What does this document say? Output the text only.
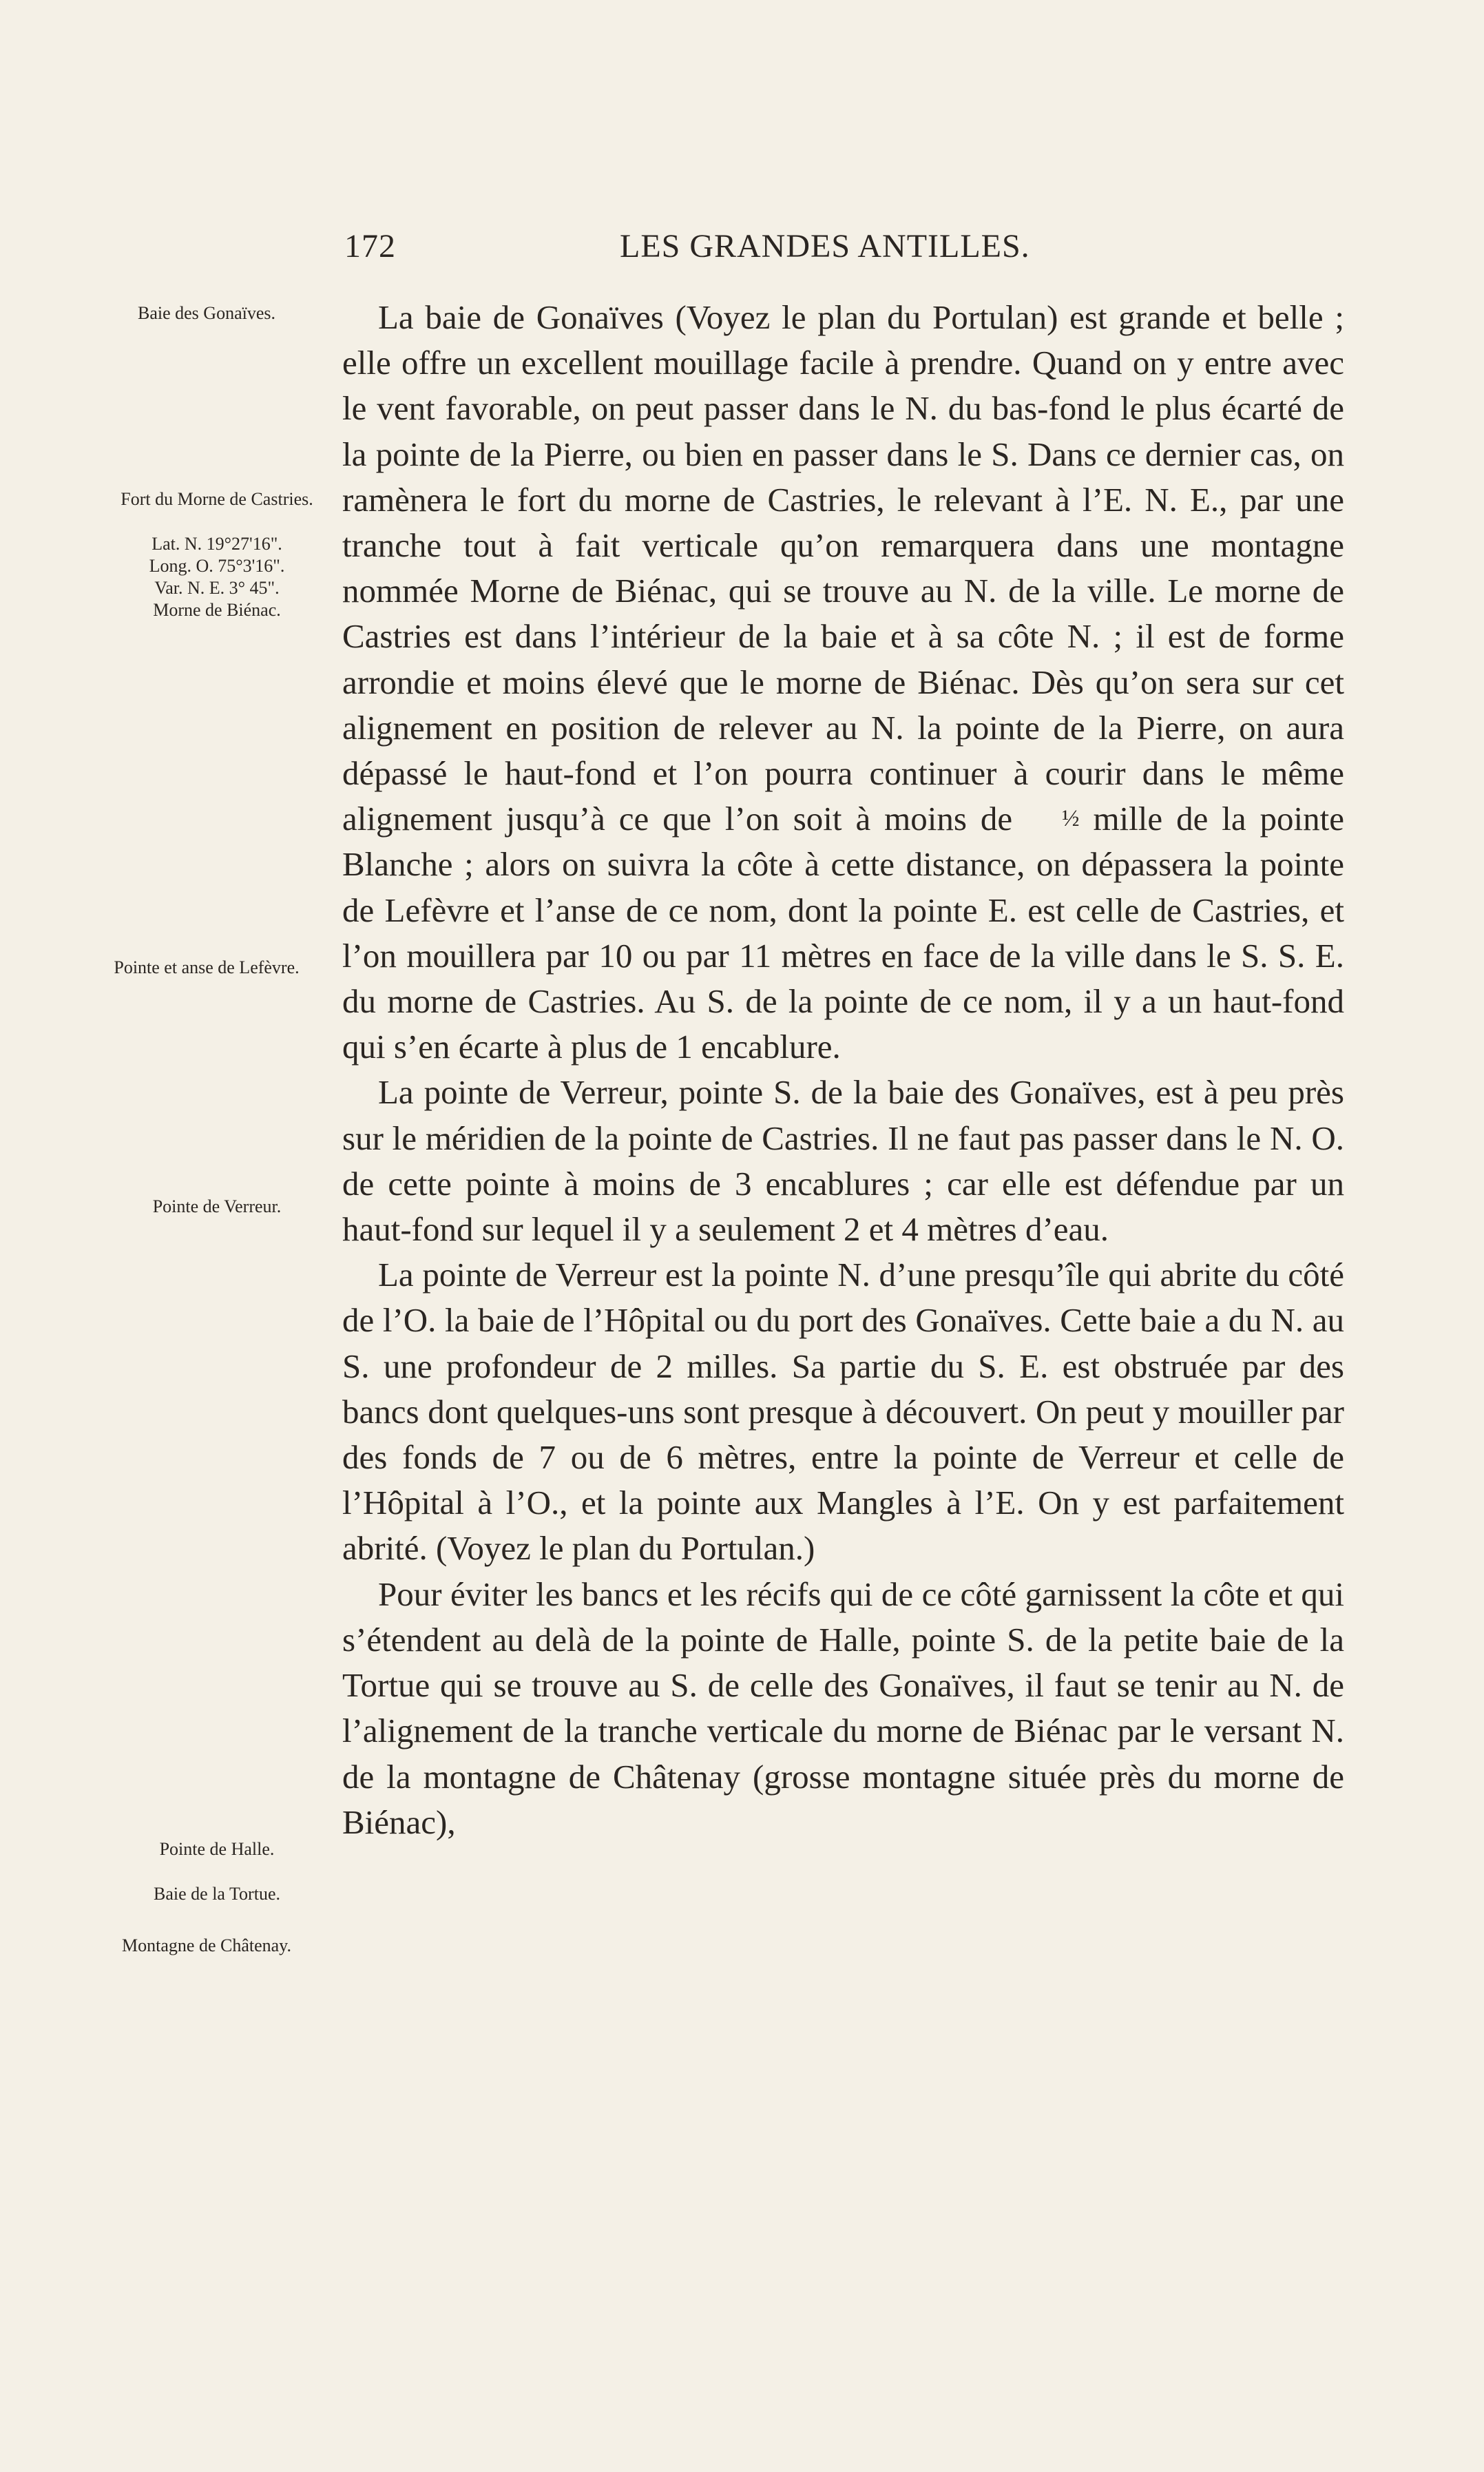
172	LES GRANDES ANTILLES.
Baie des Gonaïves.
Fort du Morne de Castries.
Lat. N. 19°27'16".
Long. O. 75°3'16".
Var. N. E. 3° 45".
Morne de Biénac.
Pointe et anse de Lefèvre.
Pointe de Verreur.
Pointe de Halle.
Baie de la Tortue.
Montagne de Châtenay.

La baie de Gonaïves (Voyez le plan du Portulan) est grande et belle ; elle offre un excellent mouillage facile à prendre. Quand on y entre avec le vent favorable, on peut passer dans le N. du bas-fond le plus écarté de la pointe de la Pierre, ou bien en passer dans le S. Dans ce dernier cas, on ramènera le fort du morne de Castries, le relevant à l’E. N. E., par une tranche tout à fait verticale qu’on remarquera dans une montagne nommée Morne de Biénac, qui se trouve au N. de la ville. Le morne de Castries est dans l’intérieur de la baie et à sa côte N. ; il est de forme arrondie et moins élevé que le morne de Biénac. Dès qu’on sera sur cet alignement en position de relever au N. la pointe de la Pierre, on aura dépassé le haut-fond et l’on pourra continuer à courir dans le même alignement jusqu’à ce que l’on soit à moins de ½ mille de la pointe Blanche ; alors on suivra la côte à cette distance, on dépassera la pointe de Lefèvre et l’anse de ce nom, dont la pointe E. est celle de Castries, et l’on mouillera par 10 ou par 11 mètres en face de la ville dans le S. S. E. du morne de Castries. Au S. de la pointe de ce nom, il y a un haut-fond qui s’en écarte à plus de 1 encablure.

La pointe de Verreur, pointe S. de la baie des Gonaïves, est à peu près sur le méridien de la pointe de Castries. Il ne faut pas passer dans le N. O. de cette pointe à moins de 3 encablures ; car elle est défendue par un haut-fond sur lequel il y a seulement 2 et 4 mètres d’eau.

La pointe de Verreur est la pointe N. d’une presqu’île qui abrite du côté de l’O. la baie de l’Hôpital ou du port des Gonaïves. Cette baie a du N. au S. une profondeur de 2 milles. Sa partie du S. E. est obstruée par des bancs dont quelques-uns sont presque à découvert. On peut y mouiller par des fonds de 7 ou de 6 mètres, entre la pointe de Verreur et celle de l’Hôpital à l’O., et la pointe aux Mangles à l’E. On y est parfaitement abrité. (Voyez le plan du Portulan.)

Pour éviter les bancs et les récifs qui de ce côté garnissent la côte et qui s’étendent au delà de la pointe de Halle, pointe S. de la petite baie de la Tortue qui se trouve au S. de celle des Gonaïves, il faut se tenir au N. de l’alignement de la tranche verticale du morne de Biénac par le versant N. de la montagne de Châtenay (grosse montagne située près du morne de Biénac),
